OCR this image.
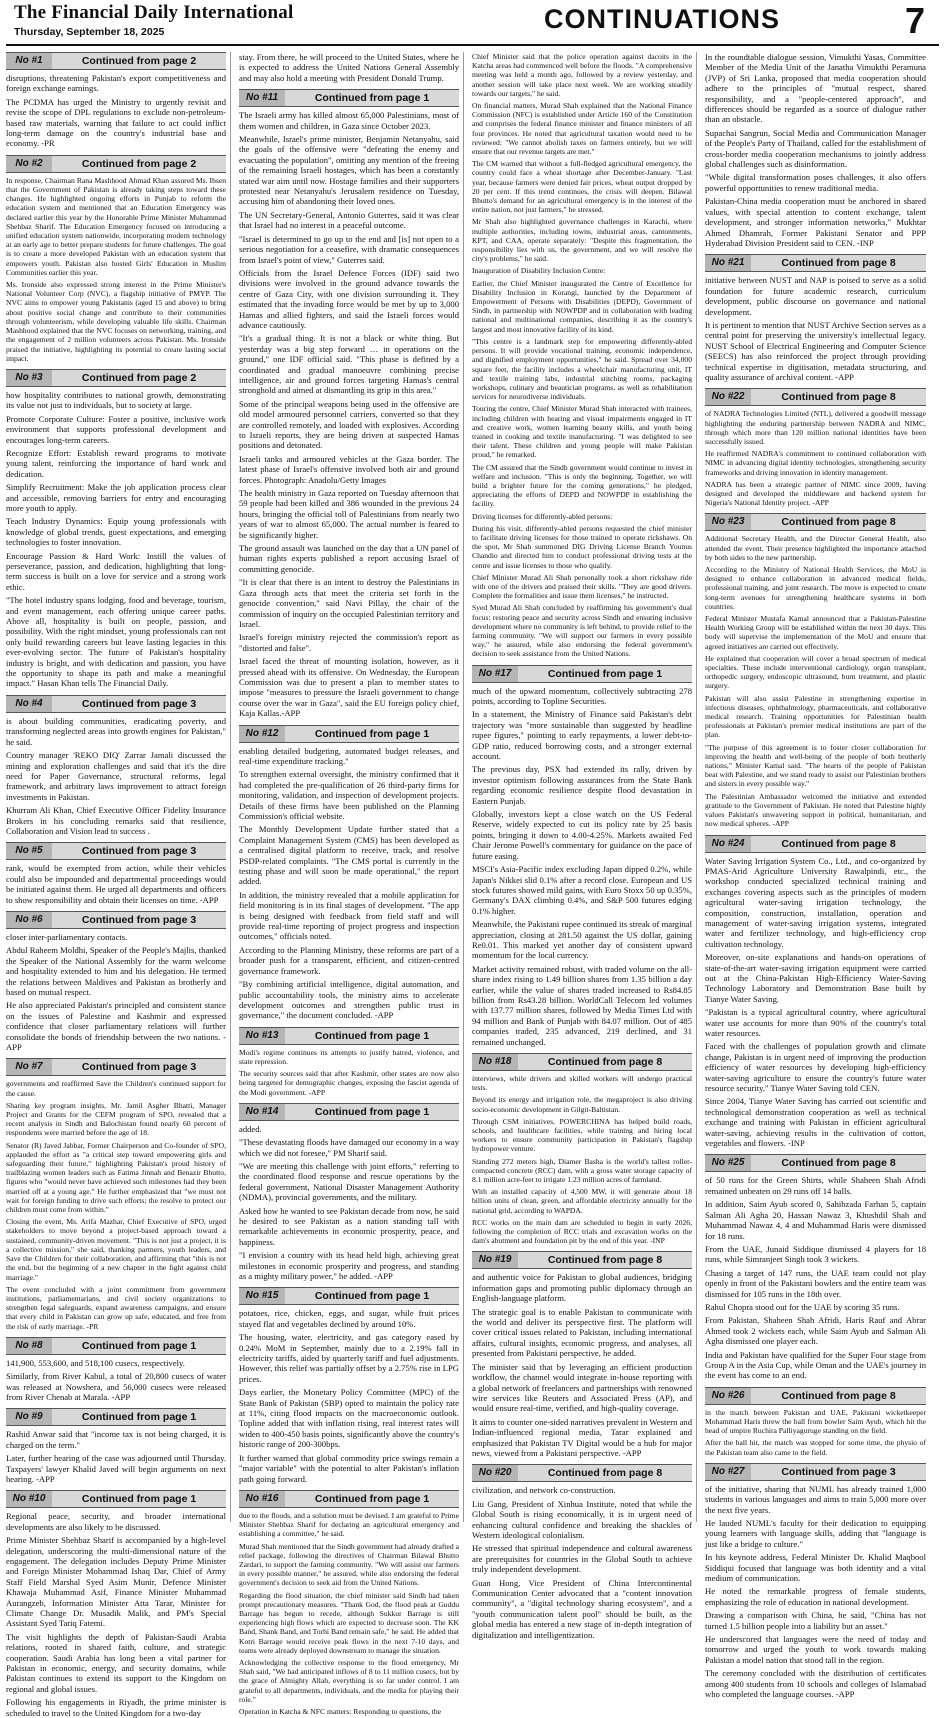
The Financial Daily International
Thursday, September 18, 2025	CONTINUATIONS	7
No #1	Continued from page 2

disruptions, threatening Pakistan's export competitiveness and foreign exchange earnings.

The PCDMA has urged the Ministry to urgently revisit and revise the scope of DPL regulations to exclude non-petroleum-based raw materials, warning that failure to act could inflict long-term damage on the country's industrial base and economy. -PR

No #2	Continued from page 2

In response, Chairman Rana Mashhood Ahmad Khan assured Ms. Ibsen that the Government of Pakistan is already taking steps toward these changes. He highlighted ongoing efforts in Punjab to reform the education system and mentioned that an Education Emergency was declared earlier this year by the Honorable Prime Minister Muhammad Shehbaz Sharif. The Education Emergency focused on introducing a unified education system nationwide, incorporating modern technology at an early age to better prepare students for future challenges. The goal is to create a more developed Pakistan with an education system that empowers youth. Pakistan also hosted Girls' Education in Muslim Communities earlier this year.

Ms. Ironside also expressed strong interest in the Prime Minister's National Volunteer Corp (NVC), a flagship initiative of PMYP. The NVC aims to empower young Pakistanis (aged 15 and above) to bring about positive social change and contribute to their communities through volunteerism, while developing valuable life skills. Chairman Mashhood explained that the NVC focuses on networking, training, and the engagement of 2 million volunteers across Pakistan. Ms. Ironside praised the initiative, highlighting its potential to create lasting social impact.

No #3	Continued from page 2

how hospitality contributes to national growth, demonstrating its value not just to individuals, but to society at large.

Promote Corporate Culture: Foster a positive, inclusive work environment that supports professional development and encourages long-term careers.

Recognize Effort: Establish reward programs to motivate young talent, reinforcing the importance of hard work and dedication.

Simplify Recruitment: Make the job application process clear and accessible, removing barriers for entry and encouraging more youth to apply.

Teach Industry Dynamics: Equip young professionals with knowledge of global trends, guest expectations, and emerging technologies to foster innovation.

Encourage Passion & Hard Work: Instill the values of perseverance, passion, and dedication, highlighting that long-term success is built on a love for service and a strong work ethic.

"The hotel industry spans lodging, food and beverage, tourism, and event management, each offering unique career paths. Above all, hospitality is built on people, passion, and possibility. With the right mindset, young professionals can not only build rewarding careers but leave lasting legacies in this ever-evolving sector. The future of Pakistan's hospitality industry is bright, and with dedication and passion, you have the opportunity to shape its path and make a meaningful impact." Hasan Khan tells The Financial Daily.

No #4	Continued from page 3

is about building communities, eradicating poverty, and transforming neglected areas into growth engines for Pakistan," he said.

Country manager 'REKO DIQ' Zarrar Jamali discussed the mining and exploration challenges and said that it's the dire need for Paper Governance, structural reforms, legal framework, and arbitrary laws improvement to attract foreign investments in Pakistan.

Khurram Ali Khan, Chief Executive Officer Fidelity Insurance Brokers in his concluding remarks said that resilience, Collaboration and Vision lead to success .

No #5	Continued from page 3

rank, would be exempted from action, while their vehicles could also be impounded and departmental proceedings would be initiated against them. He urged all departments and officers to show responsibility and obtain their licenses on time. -APP

No #6	Continued from page 3

closer inter-parliamentary contacts.

Abdul Raheem Moldhi, Speaker of the People's Majlis, thanked the Speaker of the National Assembly for the warm welcome and hospitality extended to him and his delegation. He termed the relations between Maldives and Pakistan as brotherly and based on mutual respect.

He also appreciated Pakistan's principled and consistent stance on the issues of Palestine and Kashmir and expressed confidence that closer parliamentary relations will further consolidate the bonds of friendship between the two nations. -APP

No #7	Continued from page 3

governments and reaffirmed Save the Children's continued support for the cause.

Sharing key program insights, Mr. Jamil Asgher Bhatti, Manager Project and Grants for the CEFM program of SPO, revealed that a recent analysis in Sindh and Balochistan found nearly 60 percent of respondents were married before the age of 18.

Senator (R) Javed Jabbar, Former Chairperson and Co-founder of SPO, applauded the effort as "a critical step toward empowering girls and safeguarding their future," highlighting Pakistan's proud history of trailblazing women leaders such as Fatima Jinnah and Benazir Bhutto, figures who "would never have achieved such milestones had they been married off at a young age." He further emphasized that "we must not wait for foreign funding to drive such efforts; the resolve to protect our children must come from within."

Closing the event, Ms. Arifa Mazhar, Chief Executive of SPO, urged stakeholders to move beyond a project-based approach toward a sustained, community-driven movement. "This is not just a project, it is a collective mission," she said, thanking partners, youth leaders, and Save the Children for their collaboration, and affirming that "this is not the end, but the beginning of a new chapter in the fight against child marriage."

The event concluded with a joint commitment from government institutions, parliamentarians, and civil society organizations to strengthen legal safeguards, expand awareness campaigns, and ensure that every child in Pakistan can grow up safe, educated, and free from the risk of early marriage. -PR

No #8	Continued from page 1

141,900, 553,600, and 518,100 cusecs, respectively.

Similarly, from River Kabul, a total of 20,800 cusecs of water was released at Nowshera, and 56,000 cusecs were released from River Chenab at Marala. -APP

No #9	Continued from page 1

Rashid Anwar said that "income tax is not being charged, it is charged on the term."

Later, further hearing of the case was adjourned until Thursday. Taxpayers' lawyer Khalid Javed will begin arguments on next hearing. -APP

No #10	Continued from page 1

Regional peace, security, and broader international developments are also likely to be discussed.

Prime Minister Shehbaz Sharif is accompanied by a high-level delegation, underscoring the multi-dimensional nature of the engagement. The delegation includes Deputy Prime Minister and Foreign Minister Mohammad Ishaq Dar, Chief of Army Staff Field Marshal Syed Asim Munir, Defence Minister Khawaja Muhammad Asif, Finance Minister Muhammad Aurangzeb, Information Minister Atta Tarar, Minister for Climate Change Dr. Musadik Malik, and PM's Special Assistant Syed Tariq Fatemi.

The visit highlights the depth of Pakistan-Saudi Arabia relations, rooted in shared faith, culture, and strategic cooperation. Saudi Arabia has long been a vital partner for Pakistan in economic, energy, and security domains, while Pakistan continues to extend its support to the Kingdom on regional and global issues.

Following his engagements in Riyadh, the prime minister is scheduled to travel to the United Kingdom for a two-day

stay. From there, he will proceed to the United States, where he is expected to address the United Nations General Assembly and may also hold a meeting with President Donald Trump.

No #11	Continued from page 1

The Israeli army has killed almost 65,000 Palestinians, most of them women and children, in Gaza since October 2023.

Meanwhile, Israel's prime minister, Benjamin Netanyahu, said the goals of the offensive were "defeating the enemy and evacuating the population", omitting any mention of the freeing of the remaining Israeli hostages, which has been a constantly stated war aim until now. Hostage families and their supporters protested near Netanyahu's Jerusalem residence on Tuesday, accusing him of abandoning their loved ones.

The UN Secretary-General, Antonio Guterres, said it was clear that Israel had no interest in a peaceful outcome.

"Israel is determined to go up to the end and [is] not open to a serious negotiation for a ceasefire, with dramatic consequences from Israel's point of view," Guterres said.

Officials from the Israel Defence Forces (IDF) said two divisions were involved in the ground advance towards the centre of Gaza City, with one division surrounding it. They estimated that the invading force would be met by up to 3,000 Hamas and allied fighters, and said the Israeli forces would advance cautiously.

"It's a gradual thing. It is not a black or white thing. But yesterday was a big step forward … in operations on the ground," one IDF official said. "This phase is defined by a coordinated and gradual manoeuvre combining precise intelligence, air and ground forces targeting Hamas's central stronghold and aimed at dismantling its grip in this area."

Some of the principal weapons being used in the offensive are old model armoured personnel carriers, converted so that they are controlled remotely, and loaded with explosives. According to Israeli reports, they are being driven at suspected Hamas positions and detonated.

Israeli tanks and armoured vehicles at the Gaza border. The latest phase of Israel's offensive involved both air and ground forces. Photograph: Anadolu/Getty Images

The health ministry in Gaza reported on Tuesday afternoon that 59 people had been killed and 386 wounded in the previous 24 hours, bringing the official toll of Palestinians from nearly two years of war to almost 65,000. The actual number is feared to be significantly higher.

The ground assault was launched on the day that a UN panel of human rights experts published a report accusing Israel of committing genocide.

"It is clear that there is an intent to destroy the Palestinians in Gaza through acts that meet the criteria set forth in the genocide convention," said Navi Pillay, the chair of the commission of inquiry on the occupied Palestinian territory and Israel.

Israel's foreign ministry rejected the commission's report as "distorted and false".

Israel faced the threat of mounting isolation, however, as it pressed ahead with its offensive. On Wednesday, the European Commission was due to present a plan to member states to impose "measures to pressure the Israeli government to change course over the war in Gaza", said the EU foreign policy chief, Kaja Kallas.-APP

No #12	Continued from page 1

enabling detailed budgeting, automated budget releases, and real-time expenditure tracking."

To strengthen external oversight, the ministry confirmed that it had completed the pre-qualification of 26 third-party firms for monitoring, validation, and inspection of development projects. Details of these firms have been published on the Planning Commission's official website.

The Monthly Development Update further stated that a Complaint Management System (CMS) has been developed as a centralised digital platform to receive, track, and resolve PSDP-related complaints. "The CMS portal is currently in the testing phase and will soon be made operational," the report added.

In addition, the ministry revealed that a mobile application for field monitoring is in its final stages of development. "The app is being designed with feedback from field staff and will provide real-time reporting of project progress and inspection outcomes," officials noted.

According to the Planning Ministry, these reforms are part of a broader push for a transparent, efficient, and citizen-centred governance framework.

"By combining artificial intelligence, digital automation, and public accountability tools, the ministry aims to accelerate development outcomes and strengthen public trust in governance," the document concluded. -APP

No #13	Continued from page 1

Modi's regime continues its attempts to justify hatred, violence, and state repression.

The security sources said that after Kashmir, other states are now also being targeted for demographic changes, exposing the fascist agenda of the Modi government. -APP

No #14	Continued from page 1

added.

"These devastating floods have damaged our economy in a way which we did not foresee," PM Sharif said.

"We are meeting this challenge with joint efforts," referring to the coordinated flood response and rescue operations by the federal government, National Disaster Management Authority (NDMA), provincial governments, and the military.

Asked how he wanted to see Pakistan decade from now, he said he desired to see Pakistan as a nation standing tall with remarkable achievements in economic prosperity, peace, and happiness.

"I envision a country with its head held high, achieving great milestones in economic prosperity and progress, and standing as a mighty military power," he added. -APP

No #15	Continued from page 1

potatoes, rice, chicken, eggs, and sugar, while fruit prices stayed flat and vegetables declined by around 10%.

The housing, water, electricity, and gas category eased by 0.24% MoM in September, mainly due to a 2.19% fall in electricity tariffs, aided by quarterly tariff and fuel adjustments. However, this relief was partially offset by a 2.75% rise in LPG prices.

Days earlier, the Monetary Policy Committee (MPC) of the State Bank of Pakistan (SBP) opted to maintain the policy rate at 11%, citing flood impacts on the macroeconomic outlook. Topline added that with inflation rising, real interest rates will widen to 400-450 basis points, significantly above the country's historic range of 200-300bps.

It further warned that global commodity price swings remain a "major variable" with the potential to alter Pakistan's inflation path going forward.

No #16	Continued from page 1

due to the floods, and a solution must be devised. I am grateful to Prime Minister Shehbaz Sharif for declaring an agricultural emergency and establishing a committee," he said.

Murad Shah mentioned that the Sindh government had already drafted a relief package, following the directives of Chairman Bilawal Bhutto Zardari, to support the farming community. "We will assist our farmers in every possible manner," he assured, while also endorsing the federal government's decision to seek aid from the United Nations.

Regarding the flood situation, the chief minister said Sindh had taken prompt precautionary measures. "Thank God, the flood peak at Guddu Barrage has begun to recede, although Sukkur Barrage is still experiencing high flows which are expected to decrease soon. The KK Band, Shank Band, and Torhi Band remain safe," he said. He added that Kotri Barrage would receive peak flows in the next 7-10 days, and teams were already deployed downstream to manage the situation.

Acknowledging the collective response to the flood emergency, Mr Shah said, "We had anticipated inflows of 8 to 11 million cusecs, but by the grace of Almighty Allah, everything is so far under control. I am grateful to all departments, individuals, and the media for playing their role."

Operation in Katcha & NFC matters: Responding to questions, the

Chief Minister said that the police operation against dacoits in the Katcha areas had commenced well before the floods. "A comprehensive meeting was held a month ago, followed by a review yesterday, and another session will take place next week. We are working steadily towards our targets," he said.

On financial matters, Murad Shah explained that the National Finance Commission (NFC) is established under Article 160 of the Constitution and comprises the federal finance minister and finance ministers of all four provinces. He noted that agricultural taxation would need to be reviewed: "We cannot abolish taxes on farmers entirely, but we will ensure that our revenue targets are met."

The CM warned that without a full-fledged agricultural emergency, the country could face a wheat shortage after December-January. "Last year, because farmers were denied fair prices, wheat output dropped by 20 per cent. If this trend continues, the crisis will deepen. Bilawal Bhutto's demand for an agricultural emergency is in the interest of the entire nation, not just farmers," he stressed.

Mr Shah also highlighted governance challenges in Karachi, where multiple authorities, including towns, industrial areas, cantonments, KPT, and CAA, operate separately: "Despite this fragmentation, the responsibility lies with us, the government, and we will resolve the city's problems," he said.

Inauguration of Disability Inclusion Centre:

Earlier, the Chief Minister inaugurated the Centre of Excellence for Disability Inclusion in Korangi, launched by the Department of Empowerment of Persons with Disabilities (DEPD), Government of Sindh, in partnership with NOWPDP and in collaboration with leading national and multinational companies, describing it as the country's largest and most innovative facility of its kind.

"This centre is a landmark step for empowering differently-abled persons. It will provide vocational training, economic independence, and dignified employment opportunities," he said. Spread over 34,000 square feet, the facility includes a wheelchair manufacturing unit, IT and textile training labs, industrial stitching rooms, packaging workshops, culinary and beautician programs, as well as rehabilitation services for neurodiverse individuals.

Touring the centre, Chief Minister Murad Shah interacted with trainees, including children with hearing and visual impairments engaged in IT and creative work, women learning beauty skills, and youth being trained in cooking and textile manufacturing. "I was delighted to see their talent. These children and young people will make Pakistan proud," he remarked.

The CM assured that the Sindh government would continue to invest in welfare and inclusion. "This is only the beginning. Together, we will build a brighter future for the coming generations," he pledged, appreciating the efforts of DEPD and NOWPDP in establishing the facility.

Driving licenses for differently-abled persons:

During his visit, differently-abled persons requested the chief minister to facilitate driving licenses for those trained to operate rickshaws. On the spot, Mr Shah summoned DIG Driving License Branch Younus Chandio and directed him to conduct professional driving tests at the centre and issue licenses to those who qualify.

Chief Minister Murad Ali Shah personally took a short rickshaw ride with one of the drivers and praised their skills. "They are good drivers. Complete the formalities and issue them licenses," he instructed.

Syed Murad Ali Shah concluded by reaffirming his government's dual focus: restoring peace and security across Sindh and ensuring inclusive development where no community is left behind, to provide relief to the farming community. "We will support our farmers in every possible way," he assured, while also endorsing the federal government's decision to seek assistance from the United Nations.

No #17	Continued from page 1

much of the upward momentum, collectively subtracting 278 points, according to Topline Securities.

In a statement, the Ministry of Finance said Pakistan's debt trajectory was "more sustainable than suggested by headline rupee figures," pointing to early repayments, a lower debt-to-GDP ratio, reduced borrowing costs, and a stronger external account.

The previous day, PSX had extended its rally, driven by investor optimism following assurances from the State Bank regarding economic resilience despite flood devastation in Eastern Punjab.

Globally, investors kept a close watch on the US Federal Reserve, widely expected to cut its policy rate by 25 basis points, bringing it down to 4.00-4.25%. Markets awaited Fed Chair Jerome Powell's commentary for guidance on the pace of future easing.

MSCI's Asia-Pacific index excluding Japan dipped 0.2%, while Japan's Nikkei slid 0.1% after a record close. European and US stock futures showed mild gains, with Euro Stoxx 50 up 0.35%, Germany's DAX climbing 0.4%, and S&P 500 futures edging 0.1% higher.

Meanwhile, the Pakistani rupee continued its streak of marginal appreciation, closing at 281.50 against the US dollar, gaining Re0.01. This marked yet another day of consistent upward momentum for the local currency.

Market activity remained robust, with traded volume on the all-share index rising to 1.49 billion shares from 1.35 billion a day earlier, while the value of shares traded increased to Rs84.85 billion from Rs43.28 billion. WorldCall Telecom led volumes with 137.77 million shares, followed by Media Times Ltd with 94 million and Bank of Punjab with 84.07 million. Out of 485 companies traded, 235 advanced, 219 declined, and 31 remained unchanged.

No #18	Continued from page 8

interviews, while drivers and skilled workers will undergo practical tests.

Beyond its energy and irrigation role, the megaproject is also driving socio-economic development in Gilgit-Baltistan.

Through CSM initiatives, POWERCHINA has helped build roads, schools, and healthcare facilities, while training and hiring local workers to ensure community participation in Pakistan's flagship hydropower venture.

Standing 272 meters high, Diamer Basha is the world's tallest roller-compacted concrete (RCC) dam, with a gross water storage capacity of 8.1 million acre-feet to irrigate 1.23 million acres of farmland.

With an installed capacity of 4,500 MW, it will generate about 18 billion units of clean, green, and affordable electricity annually for the national grid, according to WAPDA.

RCC works on the main dam are scheduled to begin in early 2026, following the completion of RCC trials and excavation works on the dam's abutment and foundation pit by the end of this year. -INP

No #19	Continued from page 8

and authentic voice for Pakistan to global audiences, bridging information gaps and promoting public diplomacy through an English-language platform.

The strategic goal is to enable Pakistan to communicate with the world and deliver its perspective first. The platform will cover critical issues related to Pakistan, including international affairs, cultural insights, economic progress, and analyses, all presented from Pakistani perspective, he added.

The minister said that by leveraging an efficient production workflow, the channel would integrate in-house reporting with a global network of freelancers and partnerships with renowned wire services like Reuters and Associated Press (AP), and would ensure real-time, verified, and high-quality coverage.

It aims to counter one-sided narratives prevalent in Western and Indian-influenced regional media, Tarar explained and emphasized that Pakistan TV Digital would be a hub for major news, viewed from a Pakistani perspective. -APP

No #20	Continued from page 8

civilization, and network co-construction.

Liu Gang, President of Xinhua Institute, noted that while the Global South is rising economically, it is in urgent need of enhancing cultural confidence and breaking the shackles of Western ideological colonialism.

He stressed that spiritual independence and cultural awareness are prerequisites for countries in the Global South to achieve truly independent development.

Guan Hong, Vice President of China Intercontinental Communication Center advocated that a "content innovation community", a "digital technology sharing ecosystem", and a "youth communication talent pool" should be built, as the global media has entered a new stage of in-depth integration of digitalization and intelligentization.

In the roundtable dialogue session, Vimukthi Yasas, Committee Member of the Media Unit of the Janatha Vimukthi Peramuna (JVP) of Sri Lanka, proposed that media cooperation should adhere to the principles of "mutual respect, shared responsibility, and a "people-centered approach", and differences should be regarded as a source of dialogue rather than an obstacle.

Supachai Sangrun, Social Media and Communication Manager of the People's Party of Thailand, called for the establishment of cross-border media cooperation mechanisms to jointly address global challenges such as disinformation.

"While digital transformation poses challenges, it also offers powerful opportunities to renew traditional media.

Pakistan-China media cooperation must be anchored in shared values, with special attention to content exchange, talent development, and stronger information networks," Mukhtar Ahmed Dhamrah, Former Pakistani Senator and PPP Hyderabad Division President said to CEN. -INP

No #21	Continued from page 8

initiative between NUST and NAP is poised to serve as a solid foundation for future academic research, curriculum development, public discourse on governance and national development.

It is pertinent to mention that NUST Archive Section serves as a central point for preserving the university's intellectual legacy. NUST School of Electrical Engineering and Computer Science (SEECS) has also reinforced the project through providing technical expertise in digitisation, metadata structuring, and quality assurance of archival content. -APP

No #22	Continued from page 8

of NADRA Technologies Limited (NTL), delivered a goodwill message highlighting the enduring partnership between NADRA and NIMC, through which more than 120 million national identities have been successfully issued.

He reaffirmed NADRA's commitment to continued collaboration with NIMC in advancing digital identity technologies, strengthening security frameworks and driving innovation in identity management.

NADRA has been a strategic partner of NIMC since 2009, having designed and developed the middleware and backend system for Nigeria's National Identity project. -APP

No #23	Continued from page 8

Additional Secretary Health, and the Director General Health, also attended the event. Their presence highlighted the importance attached by both sides to the new partnership.

According to the Ministry of National Health Services, the MoU is designed to enhance collaboration in advanced medical fields, professional training, and joint research. The move is expected to create long-term avenues for strengthening healthcare systems in both countries.

Federal Minister Mustafa Kamal announced that a Pakistan-Palestine Health Working Group will be established within the next 30 days. This body will supervise the implementation of the MoU and ensure that agreed initiatives are carried out effectively.

He explained that cooperation will cover a broad spectrum of medical specialties. These include interventional cardiology, organ transplant, orthopedic surgery, endoscopic ultrasound, burn treatment, and plastic surgery.

Pakistan will also assist Palestine in strengthening expertise in infectious diseases, ophthalmology, pharmaceuticals, and collaborative medical research. Training opportunities for Palestinian health professionals at Pakistan's premier medical institutions are part of the plan.

"The purpose of this agreement is to foster closer collaboration for improving the health and well-being of the people of both brotherly nations," Minister Kamal said. "The hearts of the people of Pakistan beat with Palestine, and we stand ready to assist our Palestinian brothers and sisters in every possible way."

The Palestinian Ambassador welcomed the initiative and extended gratitude to the Government of Pakistan. He noted that Palestine highly values Pakistan's unwavering support in political, humanitarian, and now medical spheres. -APP

No #24	Continued from page 8

Water Saving Irrigation System Co., Ltd., and co-organized by PMAS-Arid Agriculture University Rawalpindi, etc., the workshop conducted specialized technical training and exchanges covering aspects such as the principles of modern agricultural water-saving irrigation technology, the composition, construction, installation, operation and management of water-saving irrigation systems, integrated water and fertilizer technology, and high-efficiency crop cultivation technology.

Moreover, on-site explanations and hands-on operations of state-of-the-art water-saving irrigation equipment were carried out at the China-Pakistan High-Efficiency Water-Saving Technology Laboratory and Demonstration Base built by Tianye Water Saving.

"Pakistan is a typical agricultural country, where agricultural water use accounts for more than 90% of the country's total water resources.

Faced with the challenges of population growth and climate change, Pakistan is in urgent need of improving the production efficiency of water resources by developing high-efficiency water-saving agriculture to ensure the country's future water resource security," Tianye Water Saving told CEN.

Since 2004, Tianye Water Saving has carried out scientific and technological demonstration cooperation as well as technical exchange and training with Pakistan in efficient agricultural water-saving, achieving results in the cultivation of cotton, vegetables and flowers. -INP

No #25	Continued from page 8

of 50 runs for the Green Shirts, while Shaheen Shah Afridi remained unbeaten on 29 runs off 14 balls.

In addition, Saim Ayub scored 0, Sahibzada Farhan 5, captain Salman Ali Agha 20, Hassan Nawaz 3, Khushdil Shah and Muhammad Nawaz 4, 4 and Muhammad Haris were dismissed for 18 runs.

From the UAE, Junaid Siddique dismissed 4 players for 18 runs, while Simranjeet Singh took 3 wickets.

Chasing a target of 147 runs, the UAE team could not play openly in front of the Pakistani bowlers and the entire team was dismissed for 105 runs in the 18th over.

Rahul Chopra stood out for the UAE by scoring 35 runs.

From Pakistan, Shaheen Shah Afridi, Haris Rauf and Abrar Ahmed took 2 wickets each, while Saim Ayub and Salman Ali Agha dismissed one player each.

India and Pakistan have qualified for the Super Four stage from Group A in the Asia Cup, while Oman and the UAE's journey in the event has come to an end.

No #26	Continued from page 8

in the match between Pakistan and UAE, Pakistani wicketkeeper Mohammad Haris threw the ball from bowler Saim Ayub, which hit the head of umpire Ruchira Palliyaguruge standing on the field.

After the ball hit, the match was stopped for some time, the physio of the Pakistan team also came to the field.

No #27	Continued from page 3

of the initiative, sharing that NUML has already trained 1,000 students in various languages and aims to train 5,000 more over the next five years.

He lauded NUML's faculty for their dedication to equipping young learners with language skills, adding that "language is just like a bridge to culture."

In his keynote address, Federal Minister Dr. Khalid Maqbool Siddiqui focused that language was both identity and a vital medium of communication.

He noted the remarkable progress of female students, emphasizing the role of education in national development.

Drawing a comparison with China, he said, "China has not turned 1.5 billion people into a liability but an asset."

He underscored that languages were the need of today and tomorrow and urged the youth to work towards making Pakistan a model nation that stood tall in the region.

The ceremony concluded with the distribution of certificates among 400 students from 10 schools and colleges of Islamabad who completed the language courses. -APP
